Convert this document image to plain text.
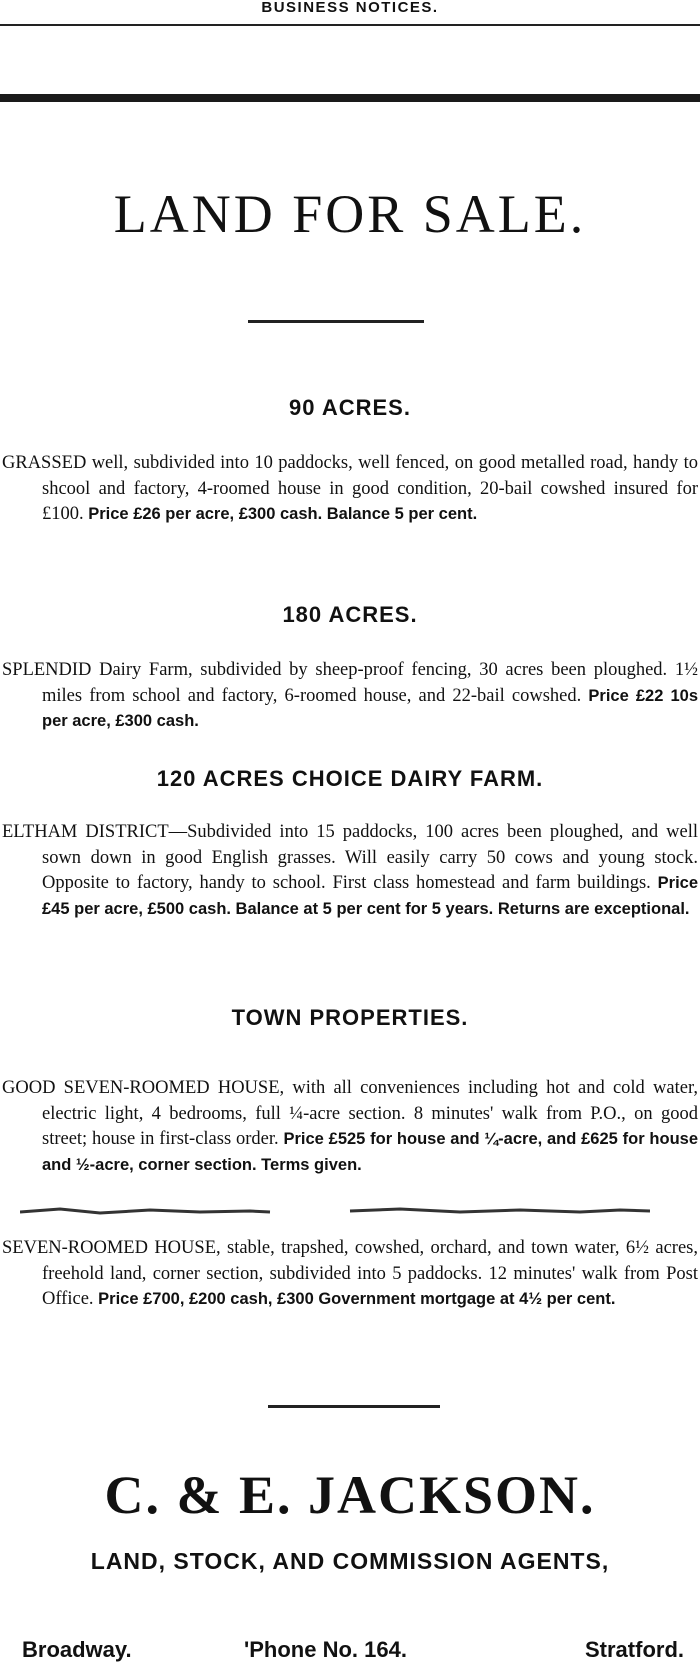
BUSINESS NOTICES.
LAND FOR SALE.
90 ACRES.
GRASSED well, subdivided into 10 paddocks, well fenced, on good metalled road, handy to shcool and factory, 4-roomed house in good condition, 20-bail cowshed insured for £100. Price £26 per acre, £300 cash. Balance 5 per cent.
180 ACRES.
SPLENDID Dairy Farm, subdivided by sheep-proof fencing, 30 acres been ploughed. 1½ miles from school and factory, 6-roomed house, and 22-bail cowshed. Price £22 10s per acre, £300 cash.
120 ACRES CHOICE DAIRY FARM.
ELTHAM DISTRICT—Subdivided into 15 paddocks, 100 acres been ploughed, and well sown down in good English grasses. Will easily carry 50 cows and young stock. Opposite to factory, handy to school. First class homestead and farm buildings. Price £45 per acre, £500 cash. Balance at 5 per cent for 5 years. Returns are exceptional.
TOWN PROPERTIES.
GOOD SEVEN-ROOMED HOUSE, with all conveniences including hot and cold water, electric light, 4 bedrooms, full ¼-acre section. 8 minutes' walk from P.O., on good street; house in first-class order. Price £525 for house and ¼-acre, and £625 for house and ½-acre, corner section. Terms given.
SEVEN-ROOMED HOUSE, stable, trapshed, cowshed, orchard, and town water, 6½ acres, freehold land, corner section, subdivided into 5 paddocks. 12 minutes' walk from Post Office. Price £700, £200 cash, £300 Government mortgage at 4½ per cent.
C. & E. JACKSON.
LAND, STOCK, AND COMMISSION AGENTS,
Broadway.	'Phone No. 164.	Stratford.
